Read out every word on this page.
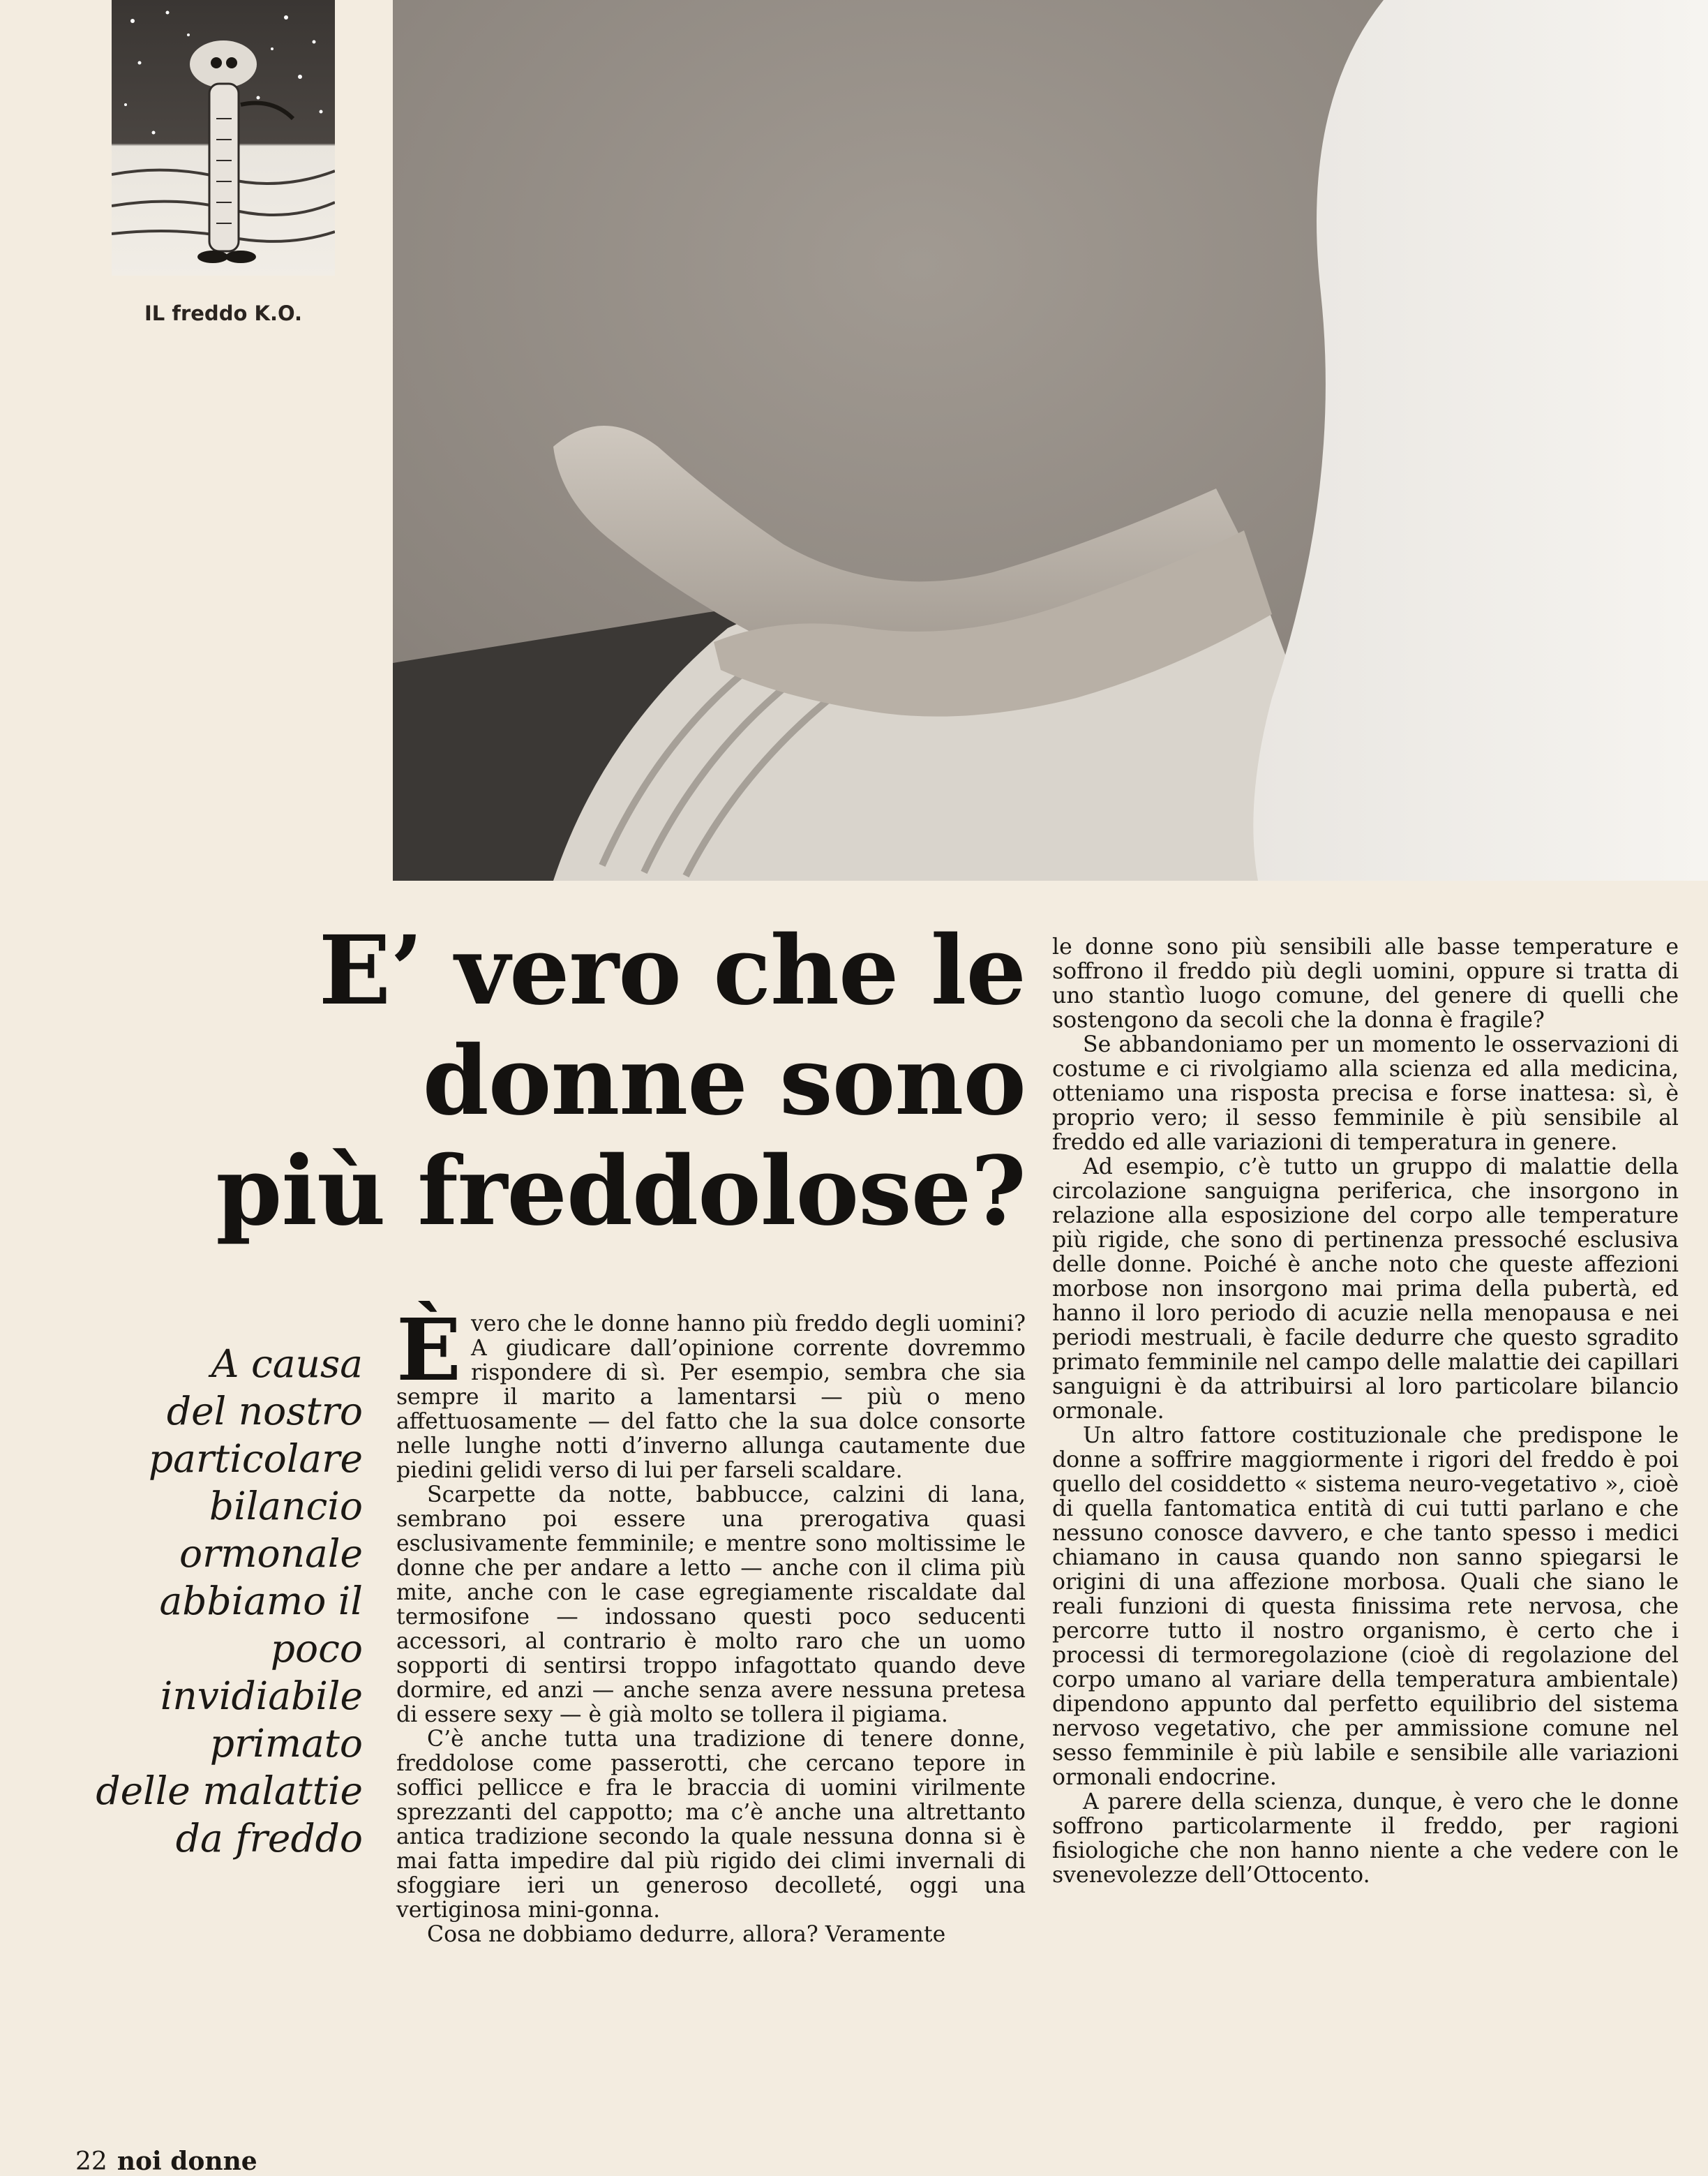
IL freddo K.O.
E’ vero che le
donne sono
più freddolose?
A causa
del nostro
particolare
bilancio
ormonale
abbiamo il
poco invidiabile
primato
delle malattie
da freddo

Èvero che le donne hanno più freddo degli uomini? A giudicare dall’opinione corrente dovremmo rispondere di sì. Per esempio, sembra che sia sempre il marito a lamentarsi — più o meno affettuosamente — del fatto che la sua dolce consorte nelle lunghe notti d’inverno allunga cautamente due piedini gelidi verso di lui per farseli scaldare.

Scarpette da notte, babbucce, calzini di lana, sembrano poi essere una prerogativa quasi esclusivamente femminile; e mentre sono moltissime le donne che per andare a letto — anche con il clima più mite, anche con le case egregiamente riscaldate dal termosifone — indossano questi poco seducenti accessori, al contrario è molto raro che un uomo sopporti di sentirsi troppo infagottato quando deve dormire, ed anzi — anche senza avere nessuna pretesa di essere sexy — è già molto se tollera il pigiama.

C’è anche tutta una tradizione di tenere donne, freddolose come passerotti, che cercano tepore in soffici pellicce e fra le braccia di uomini virilmente sprezzanti del cappotto; ma c’è anche una altrettanto antica tradizione secondo la quale nessuna donna si è mai fatta impedire dal più rigido dei climi invernali di sfoggiare ieri un generoso decolleté, oggi una vertiginosa mini-gonna.

Cosa ne dobbiamo dedurre, allora? Veramente

le donne sono più sensibili alle basse temperature e soffrono il freddo più degli uomini, oppure si tratta di uno stantìo luogo comune, del genere di quelli che sostengono da secoli che la donna è fragile?

Se abbandoniamo per un momento le osservazioni di costume e ci rivolgiamo alla scienza ed alla medicina, otteniamo una risposta precisa e forse inattesa: sì, è proprio vero; il sesso femminile è più sensibile al freddo ed alle variazioni di temperatura in genere.

Ad esempio, c’è tutto un gruppo di malattie della circolazione sanguigna periferica, che insorgono in relazione alla esposizione del corpo alle temperature più rigide, che sono di pertinenza pressoché esclusiva delle donne. Poiché è anche noto che queste affezioni morbose non insorgono mai prima della pubertà, ed hanno il loro periodo di acuzie nella menopausa e nei periodi mestruali, è facile dedurre che questo sgradito primato femminile nel campo delle malattie dei capillari sanguigni è da attribuirsi al loro particolare bilancio ormonale.

Un altro fattore costituzionale che predispone le donne a soffrire maggiormente i rigori del freddo è poi quello del cosiddetto « sistema neuro-vegetativo », cioè di quella fantomatica entità di cui tutti parlano e che nessuno conosce davvero, e che tanto spesso i medici chiamano in causa quando non sanno spiegarsi le origini di una affezione morbosa. Quali che siano le reali funzioni di questa finissima rete nervosa, che percorre tutto il nostro organismo, è certo che i processi di termoregolazione (cioè di regolazione del corpo umano al variare della temperatura ambientale) dipendono appunto dal perfetto equilibrio del sistema nervoso vegetativo, che per ammissione comune nel sesso femminile è più labile e sensibile alle variazioni ormonali endocrine.

A parere della scienza, dunque, è vero che le donne soffrono particolarmente il freddo, per ragioni fisiologiche che non hanno niente a che vedere con le svenevolezze dell’Ottocento.

22 noi donne
